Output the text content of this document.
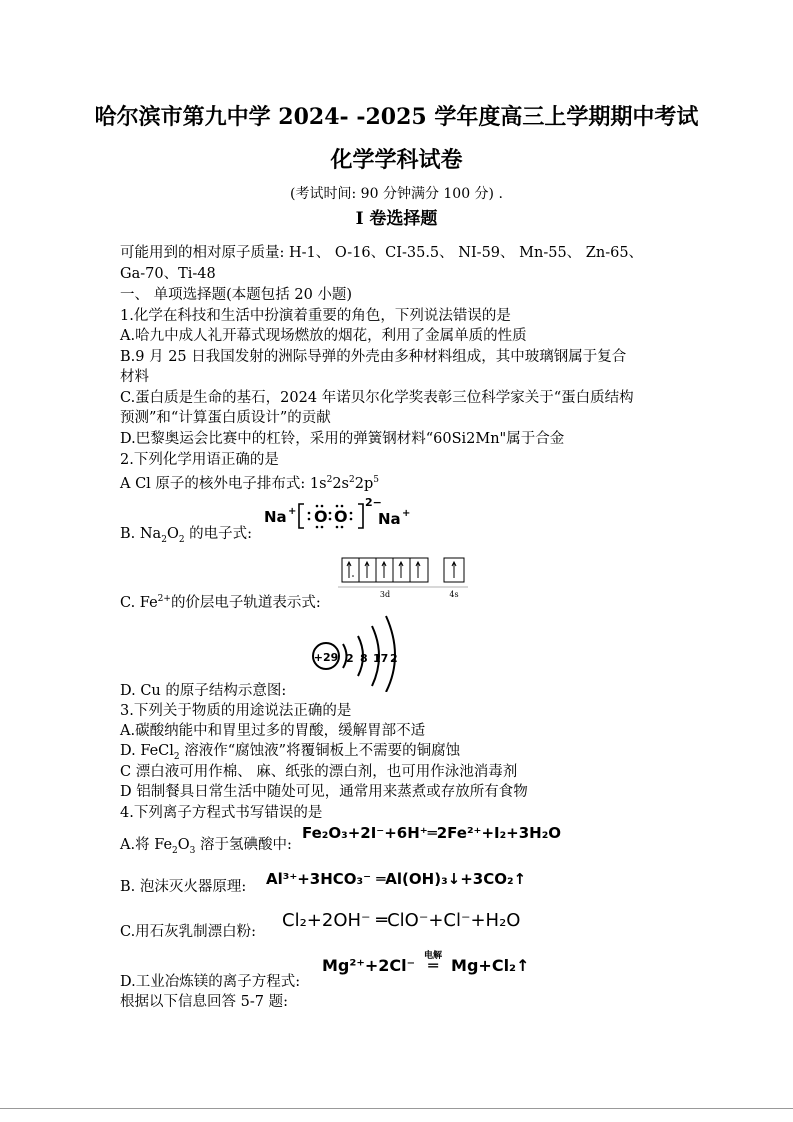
哈尔滨市第九中学 2024- -2025 学年度高三上学期期中考试
化学学科试卷
(考试时间: 90 分钟满分 100 分) .
I 卷选择题
可能用到的相对原子质量: H-1、 O-16、CI-35.5、 NI-59、 Mn-55、 Zn-65、
Ga-70、Ti-48
一、 单项选择题(本题包括 20 小题)
1.化学在科技和生活中扮演着重要的角色，下列说法错误的是
A.哈九中成人礼开幕式现场燃放的烟花，利用了金属单质的性质
B.9 月 25 日我国发射的洲际导弹的外壳由多种材料组成，其中玻璃钢属于复合
材料
C.蛋白质是生命的基石，2024 年诺贝尔化学奖表彰三位科学家关于“蛋白质结构
预测”和“计算蛋白质设计”的贡献
D.巴黎奥运会比赛中的杠铃，采用的弹簧钢材料“60Si2Mn"属于合金
2.下列化学用语正确的是
A Cl 原子的核外电子排布式: $1s^22s^22p^5$
Na + O O
2−
Na +
B. $Na_2O_2$ 的电子式:
3d	4s
C. $Fe^{2+}$的价层电子轨道表示式:
+29 2 8 17 2
D. Cu 的原子结构示意图:
3.下列关于物质的用途说法正确的是
A.碳酸纳能中和胃里过多的胃酸，缓解胃部不适
D. FeCl$_2$ 溶液作“腐蚀液”将覆铜板上不需要的铜腐蚀
C 漂白液可用作棉、 麻、纸张的漂白剂，也可用作泳池消毒剂
D 铝制餐具日常生活中随处可见，通常用来蒸煮或存放所有食物
4.下列离子方程式书写错误的是
Fe₂O₃+2I⁻+6H⁺═2Fe²⁺+I₂+3H₂O
A.将 $Fe_2O_3$ 溶于氢碘酸中:
Al³⁺+3HCO₃⁻ ═Al(OH)₃↓+3CO₂↑
B. 泡沫灭火器原理:
Cl₂+2OH⁻ ═ClO⁻+Cl⁻+H₂O
C.用石灰乳制漂白粉:
Mg²⁺+2Cl⁻ 电解
═ Mg+Cl₂↑
D.工业冶炼镁的离子方程式:
根据以下信息回答 5-7 题:
